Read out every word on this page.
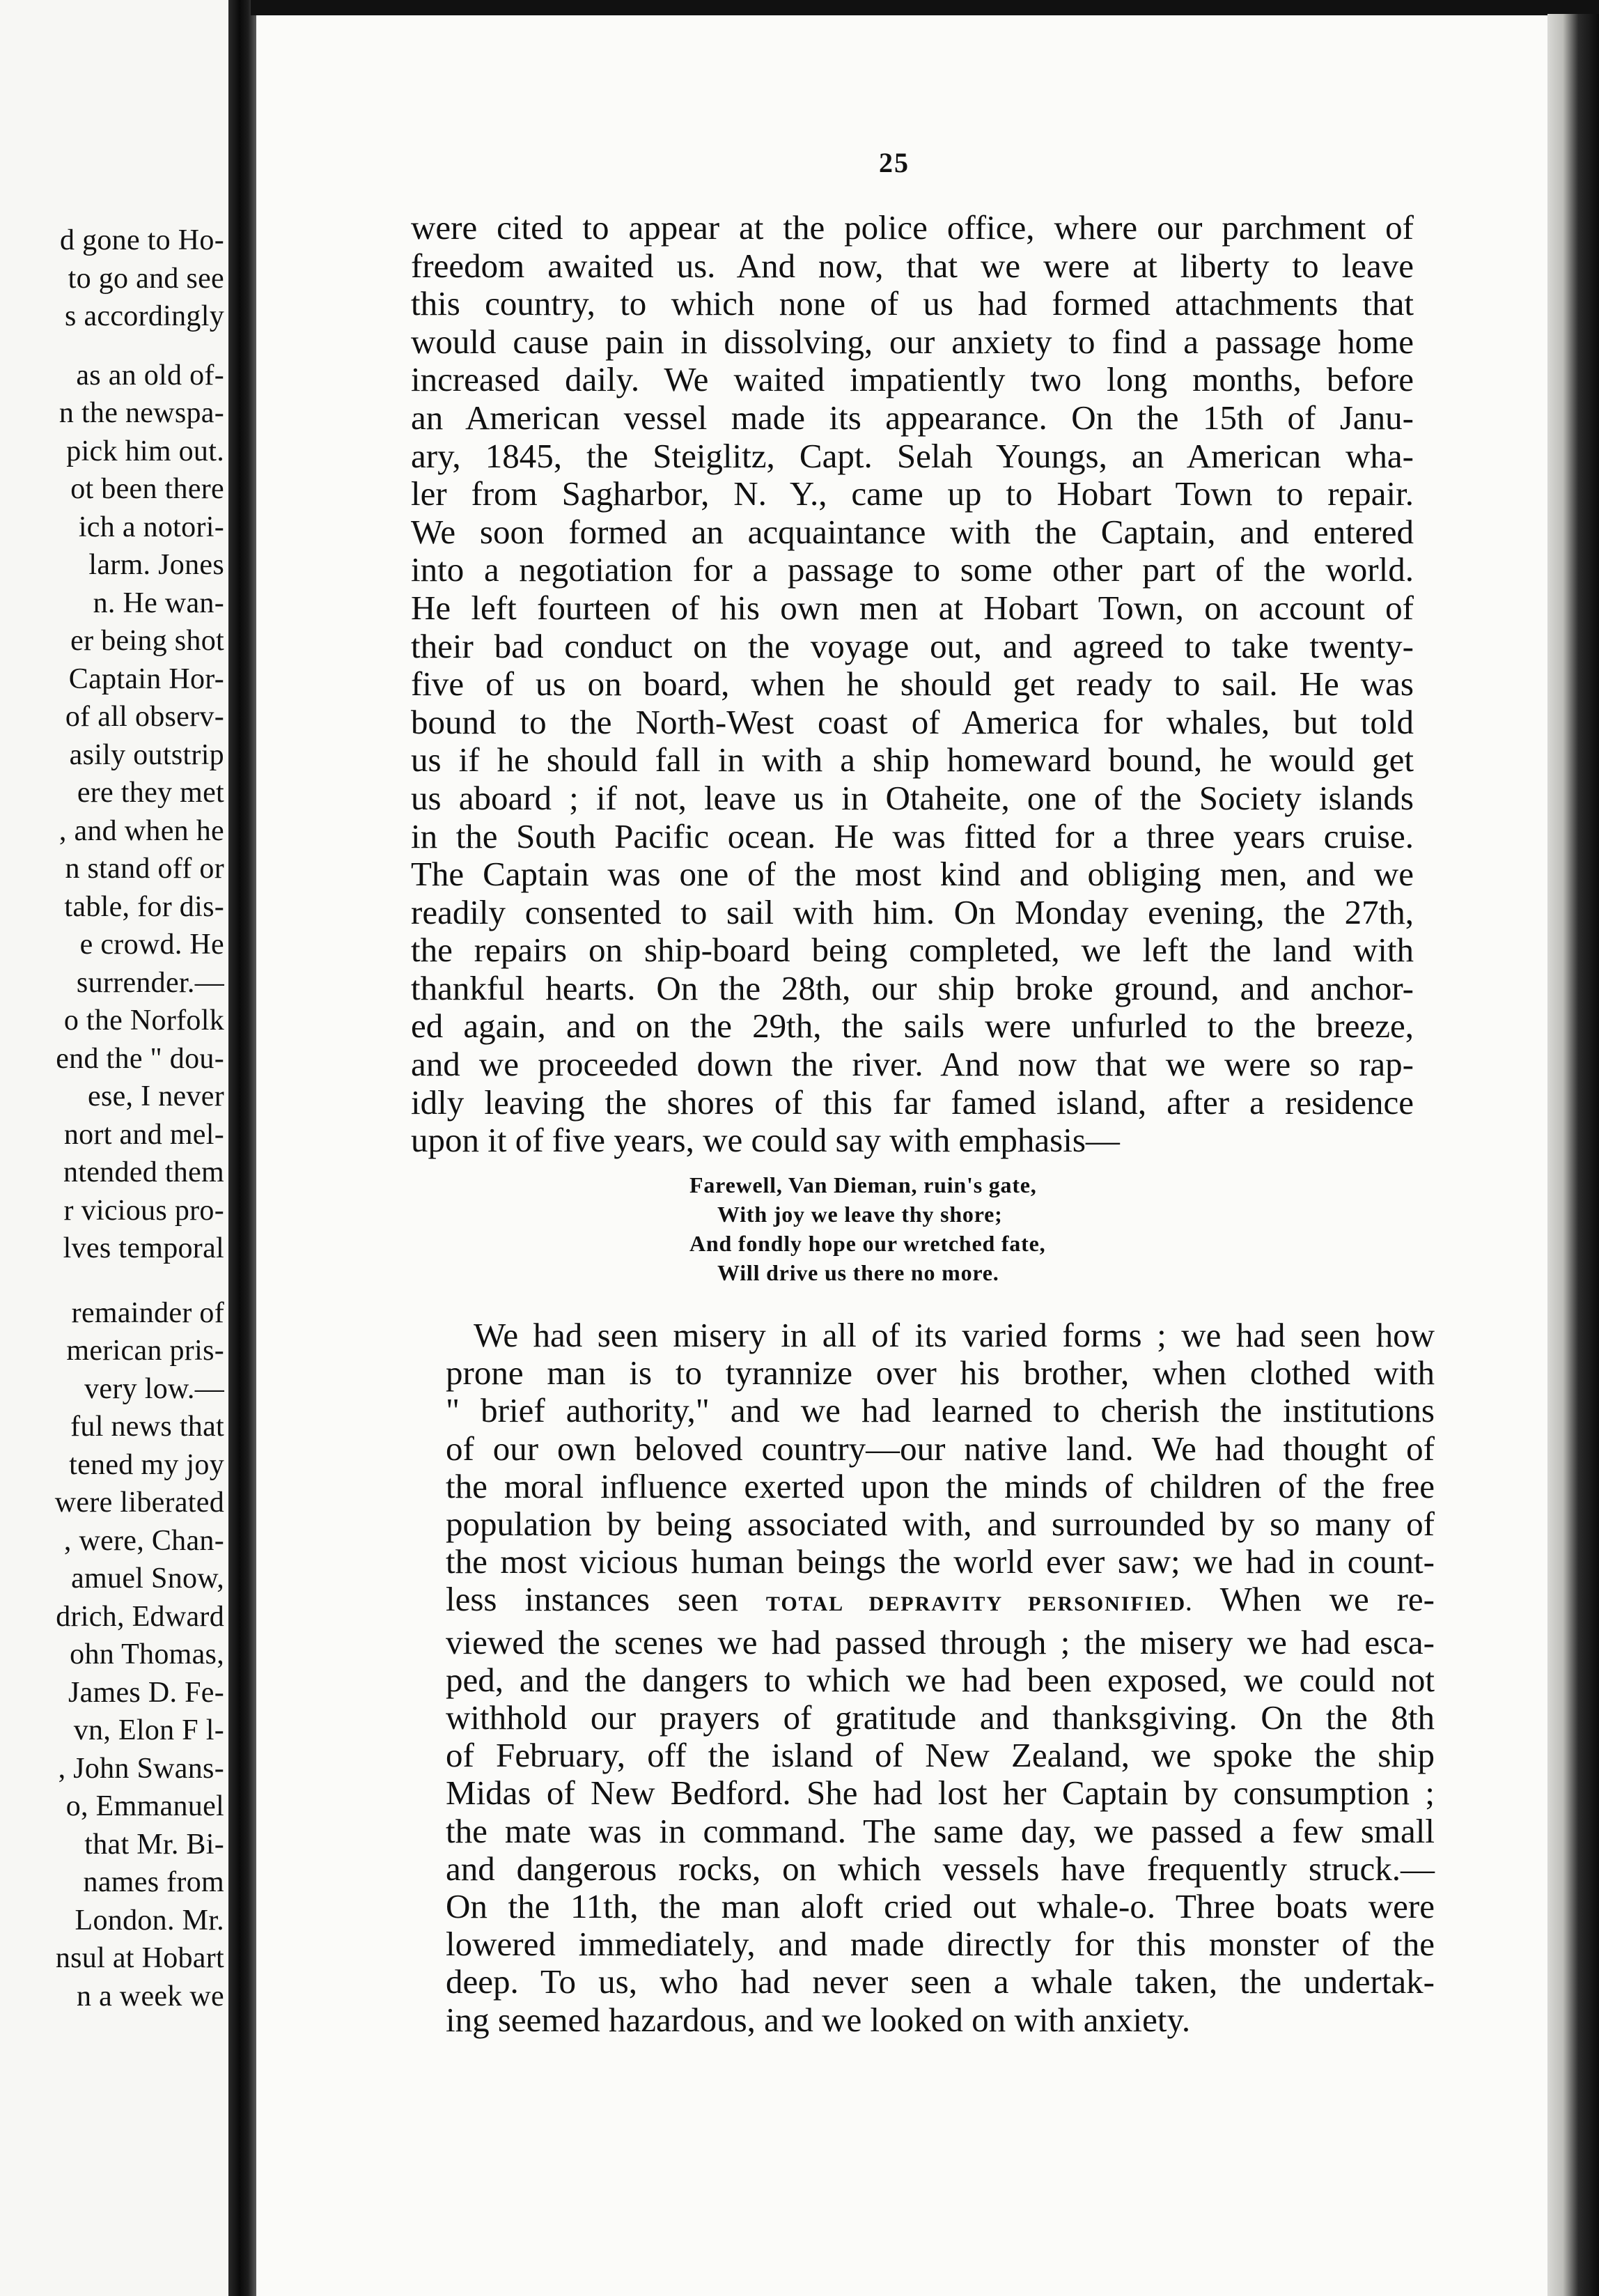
d gone to Ho-
to go and see
s accordingly
as an old of-
n the newspa-
pick him out.
ot been there
ich a notori-
larm. Jones
n. He wan-
er being shot
Captain Hor-
of all observ-
asily outstrip
ere they met
, and when he
n stand off or
table, for dis-
e crowd. He
surrender.—
o the Norfolk
end the " dou-
ese, I never
nort and mel-
ntended them
r vicious pro-
lves temporal
remainder of
merican pris-
very low.—
ful news that
tened my joy
were liberated
, were, Chan-
amuel Snow,
drich, Edward
ohn Thomas,
James D. Fe-
vn, Elon F l-
, John Swans-
o, Emmanuel
that Mr. Bi-
names from
London. Mr.
nsul at Hobart
n a week we
25
were cited to appear at the police office, where our parchment of
freedom awaited us. And now, that we were at liberty to leave
this country, to which none of us had formed attachments that
would cause pain in dissolving, our anxiety to find a passage home
increased daily. We waited impatiently two long months, before
an American vessel made its appearance. On the 15th of Janu-
ary, 1845, the Steiglitz, Capt. Selah Youngs, an American wha-
ler from Sagharbor, N. Y., came up to Hobart Town to repair.
We soon formed an acquaintance with the Captain, and entered
into a negotiation for a passage to some other part of the world.
He left fourteen of his own men at Hobart Town, on account of
their bad conduct on the voyage out, and agreed to take twenty-
five of us on board, when he should get ready to sail. He was
bound to the North-West coast of America for whales, but told
us if he should fall in with a ship homeward bound, he would get
us aboard ; if not, leave us in Otaheite, one of the Society islands
in the South Pacific ocean. He was fitted for a three years cruise.
The Captain was one of the most kind and obliging men, and we
readily consented to sail with him. On Monday evening, the 27th,
the repairs on ship-board being completed, we left the land with
thankful hearts. On the 28th, our ship broke ground, and anchor-
ed again, and on the 29th, the sails were unfurled to the breeze,
and we proceeded down the river. And now that we were so rap-
idly leaving the shores of this far famed island, after a residence
upon it of five years, we could say with emphasis—
Farewell, Van Dieman, ruin's gate,
With joy we leave thy shore;
And fondly hope our wretched fate,
Will drive us there no more.
We had seen misery in all of its varied forms ; we had seen how
prone man is to tyrannize over his brother, when clothed with
" brief authority," and we had learned to cherish the institutions
of our own beloved country—our native land. We had thought of
the moral influence exerted upon the minds of children of the free
population by being associated with, and surrounded by so many of
the most vicious human beings the world ever saw; we had in count-
less instances seen TOTAL DEPRAVITY PERSONIFIED. When we re-
viewed the scenes we had passed through ; the misery we had esca-
ped, and the dangers to which we had been exposed, we could not
withhold our prayers of gratitude and thanksgiving. On the 8th
of February, off the island of New Zealand, we spoke the ship
Midas of New Bedford. She had lost her Captain by consumption ;
the mate was in command. The same day, we passed a few small
and dangerous rocks, on which vessels have frequently struck.—
On the 11th, the man aloft cried out whale-o. Three boats were
lowered immediately, and made directly for this monster of the
deep. To us, who had never seen a whale taken, the undertak-
ing seemed hazardous, and we looked on with anxiety.
